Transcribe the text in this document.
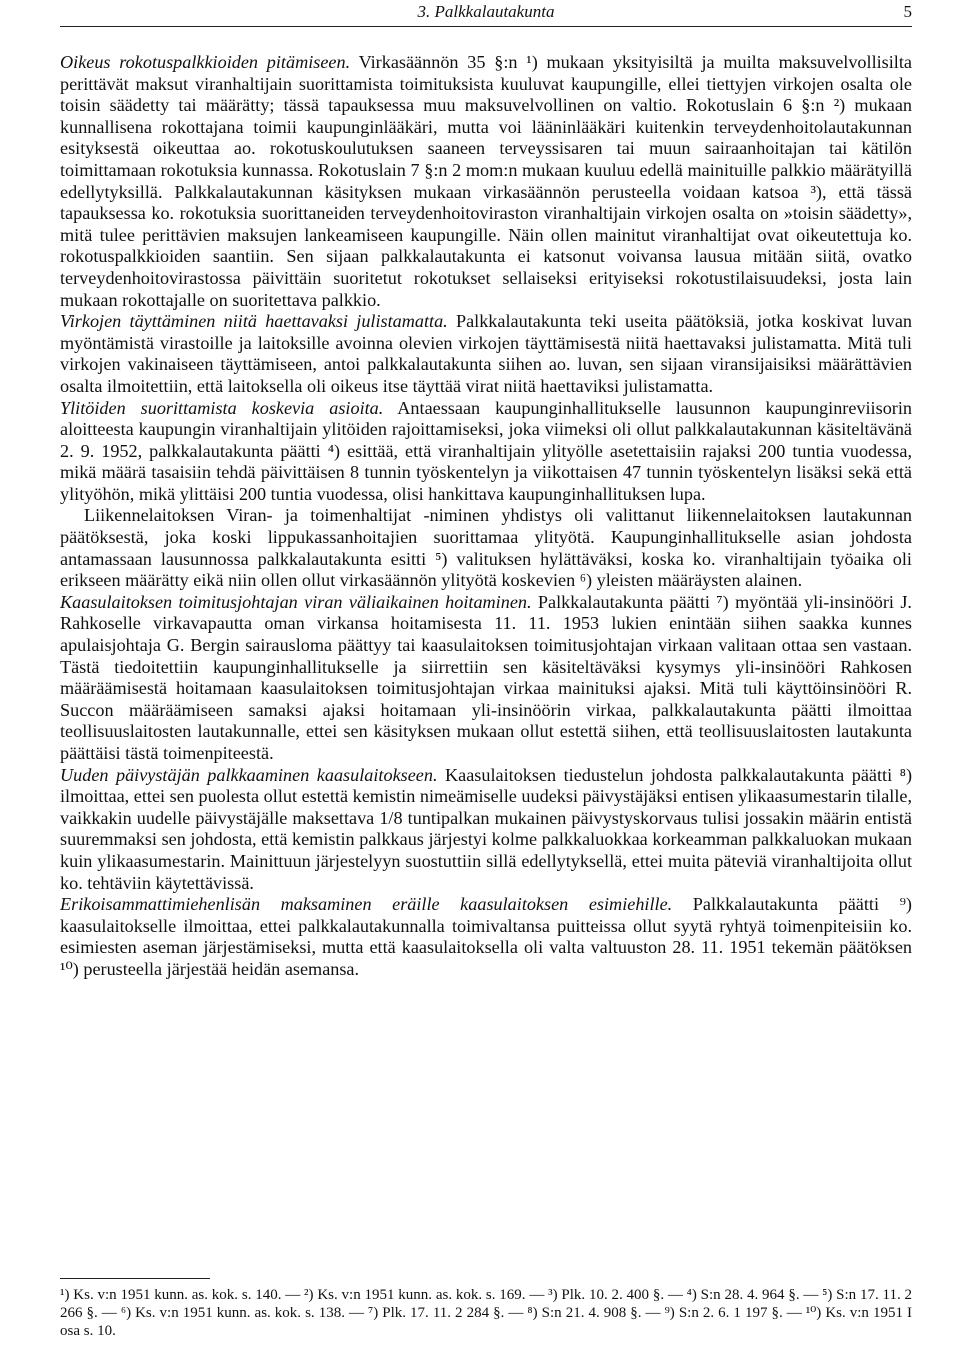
3. Palkkalautakunta	5

Oikeus rokotuspalkkioiden pitämiseen. Virkasäännön 35 §:n ¹) mukaan yksityisiltä ja muilta maksuvelvollisilta perittävät maksut viranhaltijain suorittamista toimituksista kuuluvat kaupungille, ellei tiettyjen virkojen osalta ole toisin säädetty tai määrätty; tässä tapauksessa muu maksuvelvollinen on valtio. Rokotuslain 6 §:n ²) mukaan kunnallisena rokottajana toimii kaupunginlääkäri, mutta voi lääninlääkäri kuitenkin terveydenhoitolautakunnan esityksestä oikeuttaa ao. rokotuskoulutuksen saaneen terveyssisaren tai muun sairaanhoitajan tai kätilön toimittamaan rokotuksia kunnassa. Rokotuslain 7 §:n 2 mom:n mukaan kuuluu edellä mainituille palkkio määrätyillä edellytyksillä. Palkkalautakunnan käsityksen mukaan virkasäännön perusteella voidaan katsoa ³), että tässä tapauksessa ko. rokotuksia suorittaneiden terveydenhoitoviraston viranhaltijain virkojen osalta on »toisin säädetty», mitä tulee perittävien maksujen lankeamiseen kaupungille. Näin ollen mainitut viranhaltijat ovat oikeutettuja ko. rokotuspalkkioiden saantiin. Sen sijaan palkkalautakunta ei katsonut voivansa lausua mitään siitä, ovatko terveydenhoitovirastossa päivittäin suoritetut rokotukset sellaiseksi erityiseksi rokotustilaisuudeksi, josta lain mukaan rokottajalle on suoritettava palkkio.

Virkojen täyttäminen niitä haettavaksi julistamatta. Palkkalautakunta teki useita päätöksiä, jotka koskivat luvan myöntämistä virastoille ja laitoksille avoinna olevien virkojen täyttämisestä niitä haettavaksi julistamatta. Mitä tuli virkojen vakinaiseen täyttämiseen, antoi palkkalautakunta siihen ao. luvan, sen sijaan viransijaisiksi määrättävien osalta ilmoitettiin, että laitoksella oli oikeus itse täyttää virat niitä haettaviksi julistamatta.

Ylitöiden suorittamista koskevia asioita. Antaessaan kaupunginhallitukselle lausunnon kaupunginreviisorin aloitteesta kaupungin viranhaltijain ylitöiden rajoittamiseksi, joka viimeksi oli ollut palkkalautakunnan käsiteltävänä 2. 9. 1952, palkkalautakunta päätti ⁴) esittää, että viranhaltijain ylityölle asetettaisiin rajaksi 200 tuntia vuodessa, mikä määrä tasaisiin tehdä päivittäisen 8 tunnin työskentelyn ja viikottaisen 47 tunnin työskentelyn lisäksi sekä että ylityöhön, mikä ylittäisi 200 tuntia vuodessa, olisi hankittava kaupunginhallituksen lupa.

Liikennelaitoksen Viran- ja toimenhaltijat -niminen yhdistys oli valittanut liikennelaitoksen lautakunnan päätöksestä, joka koski lippukassanhoitajien suorittamaa ylityötä. Kaupunginhallitukselle asian johdosta antamassaan lausunnossa palkkalautakunta esitti ⁵) valituksen hylättäväksi, koska ko. viranhaltijain työaika oli erikseen määrätty eikä niin ollen ollut virkasäännön ylityötä koskevien ⁶) yleisten määräysten alainen.

Kaasulaitoksen toimitusjohtajan viran väliaikainen hoitaminen. Palkkalautakunta päätti ⁷) myöntää yli-insinööri J. Rahkoselle virkavapautta oman virkansa hoitamisesta 11. 11. 1953 lukien enintään siihen saakka kunnes apulaisjohtaja G. Bergin sairausloma päättyy tai kaasulaitoksen toimitusjohtajan virkaan valitaan ottaa sen vastaan. Tästä tiedoitettiin kaupunginhallitukselle ja siirrettiin sen käsiteltäväksi kysymys yli-insinööri Rahkosen määräämisestä hoitamaan kaasulaitoksen toimitusjohtajan virkaa mainituksi ajaksi. Mitä tuli käyttöinsinööri R. Succon määräämiseen samaksi ajaksi hoitamaan yli-insinöörin virkaa, palkkalautakunta päätti ilmoittaa teollisuuslaitosten lautakunnalle, ettei sen käsityksen mukaan ollut estettä siihen, että teollisuuslaitosten lautakunta päättäisi tästä toimenpiteestä.

Uuden päivystäjän palkkaaminen kaasulaitokseen. Kaasulaitoksen tiedustelun johdosta palkkalautakunta päätti ⁸) ilmoittaa, ettei sen puolesta ollut estettä kemistin nimeämiselle uudeksi päivystäjäksi entisen ylikaasumestarin tilalle, vaikkakin uudelle päivystäjälle maksettava 1/8 tuntipalkan mukainen päivystyskorvaus tulisi jossakin määrin entistä suuremmaksi sen johdosta, että kemistin palkkaus järjestyi kolme palkkaluokkaa korkeamman palkkaluokan mukaan kuin ylikaasumestarin. Mainittuun järjestelyyn suostuttiin sillä edellytyksellä, ettei muita päteviä viranhaltijoita ollut ko. tehtäviin käytettävissä.

Erikoisammattimiehenlisän maksaminen eräille kaasulaitoksen esimiehille. Palkkalautakunta päätti ⁹) kaasulaitokselle ilmoittaa, ettei palkkalautakunnalla toimivaltansa puitteissa ollut syytä ryhtyä toimenpiteisiin ko. esimiesten aseman järjestämiseksi, mutta että kaasulaitoksella oli valta valtuuston 28. 11. 1951 tekemän päätöksen ¹⁰) perusteella järjestää heidän asemansa.

¹) Ks. v:n 1951 kunn. as. kok. s. 140. — ²) Ks. v:n 1951 kunn. as. kok. s. 169. — ³) Plk. 10. 2. 400 §. — ⁴) S:n 28. 4. 964 §. — ⁵) S:n 17. 11. 2 266 §. — ⁶) Ks. v:n 1951 kunn. as. kok. s. 138. — ⁷) Plk. 17. 11. 2 284 §. — ⁸) S:n 21. 4. 908 §. — ⁹) S:n 2. 6. 1 197 §. — ¹⁰) Ks. v:n 1951 I osa s. 10.
